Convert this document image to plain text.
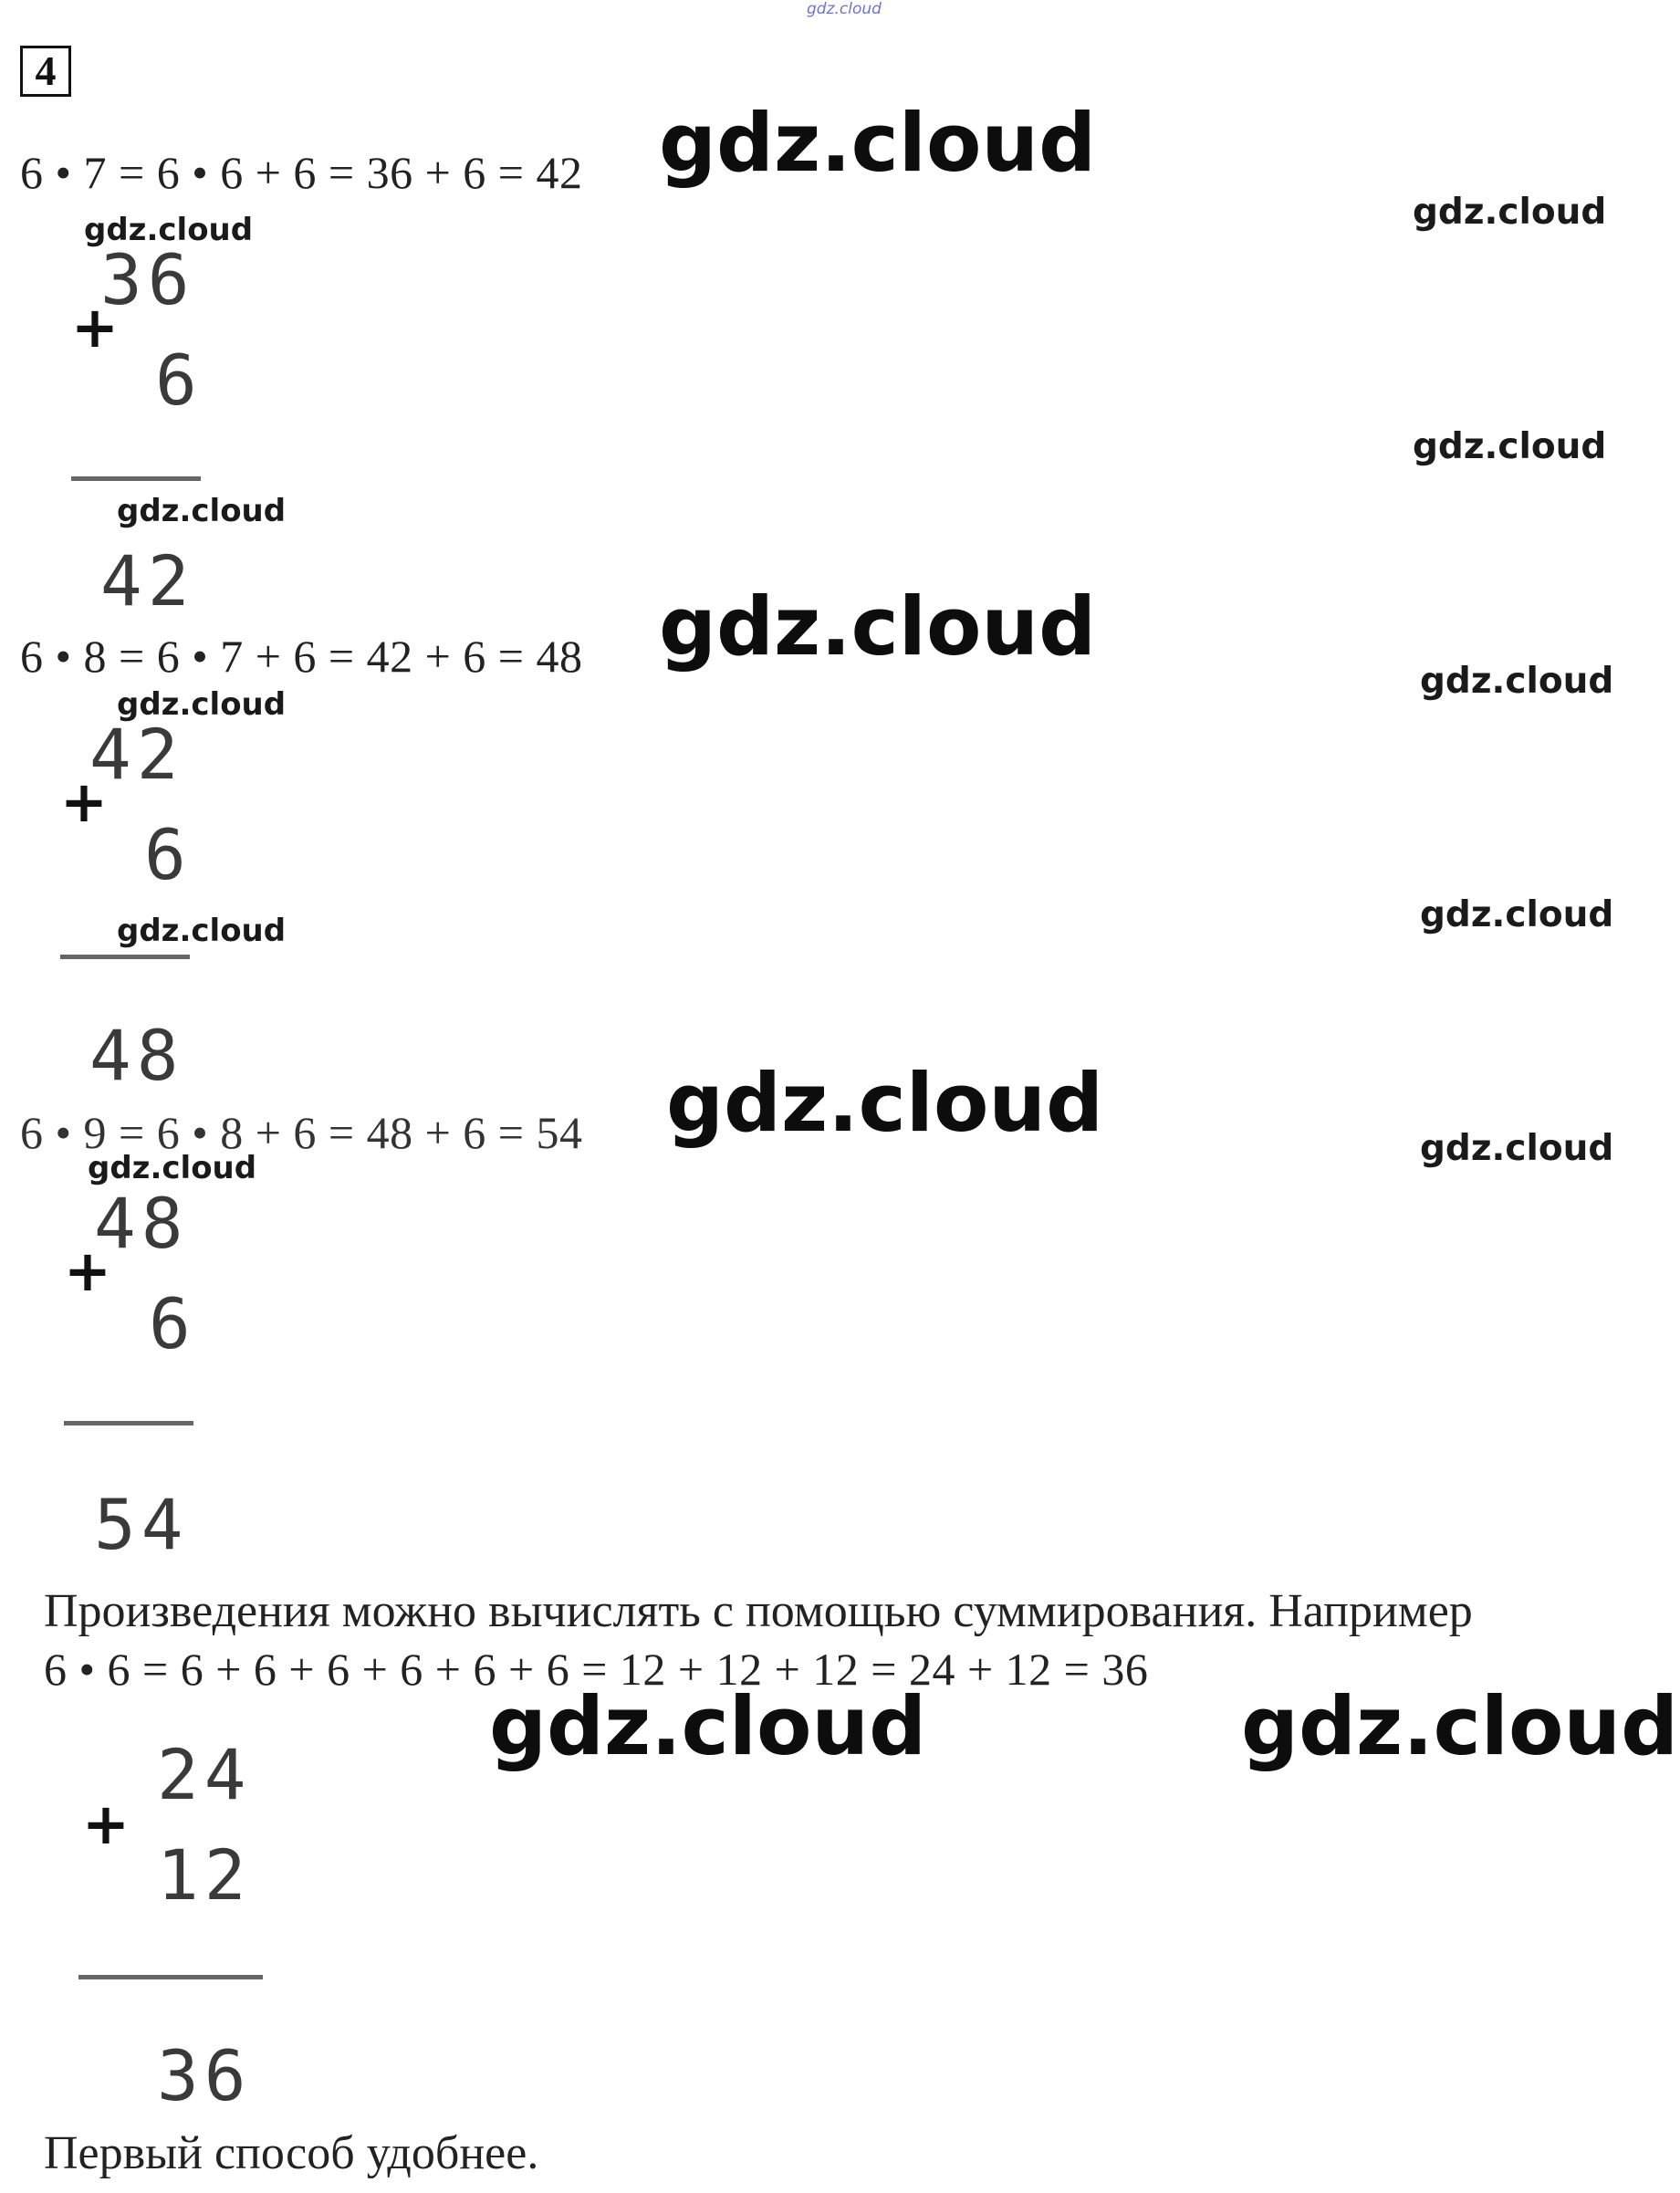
gdz.cloud
4
6 • 7 = 6 • 6 + 6 = 36 + 6 = 42 gdz.cloud
gdz.cloud
gdz.cloud
36
+
6
gdz.cloud
42
gdz.cloud
6 • 8 = 6 • 7 + 6 = 42 + 6 = 48 gdz.cloud
gdz.cloud
gdz.cloud
42
+
6
gdz.cloud	gdz.cloud
48
6 • 9 = 6 • 8 + 6 = 48 + 6 = 54 gdz.cloud	gdz.cloud
gdz.cloud
48
+
6
54
Произведения можно вычислять с помощью суммирования. Например
6 • 6 = 6 + 6 + 6 + 6 + 6 + 6 = 12 + 12 + 12 = 24 + 12 = 36
gdz.cloud	gdz.cloud
24
+
12
36
Первый способ удобнее.
